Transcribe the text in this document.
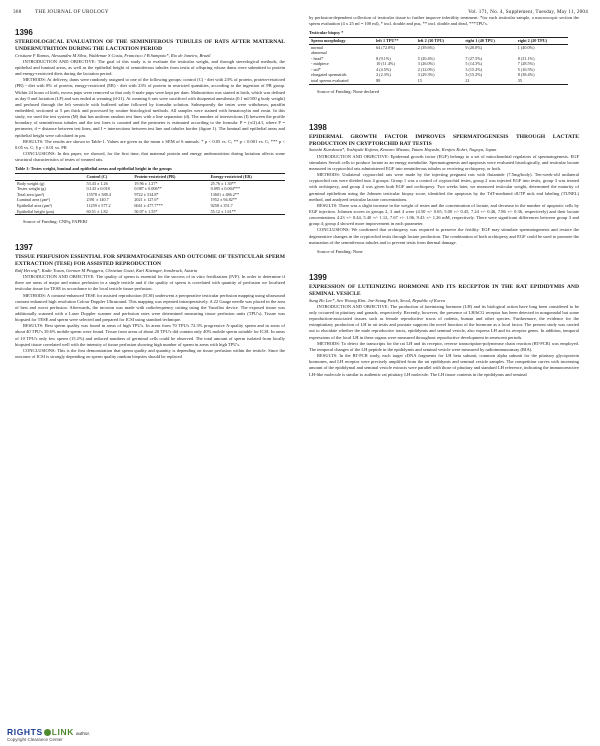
368	THE JOURNAL OF UROLOGY	Vol. 171, No. 4, Supplement, Tuesday, May 11, 2004

1396

STEREOLOGICAL EVALUATION OF THE SEMINIFEROUS TUBULES OF RATS AFTER MATERNAL UNDERNUTRITION DURING THE LACTATION PERIOD

Cristiane F Ramos, Alessandra M Silva, Waldemar S Costa, Francisco J B Sampaio*, Rio de Janeiro, Brazil

INTRODUCTION AND OBJECTIVE: The goal of this study is to evaluate the testicular weight, and through stereological methods, the epithelial and luminal areas, as well as the epithelial height of seminiferous tubules from testis of offspring whose dams were submitted to protein and energy-restricted diets during the lactation period.

METHODS: At delivery, dams were randomly assigned to one of the following groups: control (C) - diet with 23% of protein, protein-restricted (PR) - diet with 8% of protein; energy-restricted (ER) - diet with 23% of protein in restricted quantities, according to the ingestion of PR group. Within 24 hours of birth, excess pups were removed so that only 6 male pups were kept per dam. Malnutrition was started at birth, which was defined as day 0 and lactation (LP) and was ended at weaning (d-21). At weaning 6 rats were sacrificed with thiopental anesthesia (0.1 ml/100 g body weight) and perfused through the left ventricle with buffered saline followed by formalin solution. Subsequently the testes were withdrawn, paraffin embedded, sectioned at 5 μm thick and processed by routine histological methods. All samples were stained with hematoxylin and eosin. In this study, we used the test system (M) that has uniform random test lines with a line separation (d). The number of intersections (I) between the profile boundary of seminiferous tubules and the test lines is counted and the perimeter is estimated according to the formula: P = (π/2).d.I, where P = perimeter, d = distance between test lines, and I = intersections between test line and tubules border (figure 1). The luminal and epithelial areas and epithelial height were calculated in μm.

RESULTS: The results are shown in Table-1. Values are given as the mean ± SEM of 6 animals. * p < 0.05 vs. C; ** p < 0.001 vs. C; *** p < 0.05 vs. C; § p < 0.01 vs. PR

CONCLUSIONS: In this paper, we showed, for the first time, that maternal protein and energy undernutrition during lactation affects some structural characteristics of testes of weaned rats.

Table 1: Testes weight, luminal and epithelial areas and epithelial height in the groups
	Control (C)	Protein-restricted (PR)	Energy-restricted (ER)
Body weight (g)	53.43 ± 1.26	19.96 ± 1.27*	25.76 ± 1.30**
Testes weight (g)	0.143 ± 0.018	0.087 ± 0.006**	0.095 ± 0.004***
Total area (μm²)	15578 ± 588.4	9722 ± 534.8*	13601 ± 486.2**
Luminal area (μm²)	2391 ± 140.7	2021 ± 127.6*	1952 ± 94.82**
Epithelial area (μm²)	11259 ± 577.2	6041 ± 477.7***	9258 ± 351.7
Epithelial height (μm)	60.51 ± 1.82	50.07 ± 1.55*	55.12 ± 1.61**

Source of Funding: CNPq, FAPERJ

1397

TISSUE PERFUSION ESSENTIAL FOR SPERMATOGENESIS AND OUTCOME OF TESTICULAR SPERM EXTRACTION (TESE) FOR ASSISTED REPRODUCTION

Ralf Herwig*, Kadir Tosun, Germar M Pinggera, Christian Gozzi, Karl Kitzinger, Innsbruck, Austria

INTRODUCTION AND OBJECTIVE: The quality of sperm is essential for the success of in vitro fertilization (IVF). In order to determine if there are areas of major and minor perfusion in a single testicle and if the quality of sperm is correlated with quantity of perfusion we localized testicular tissue for TESE in accordance to the local testicle tissue perfusion.

METHODS: A contrast-enhanced TESE for assisted reproduction (ICSI) underwent a preoperative testicular perfusion mapping using ultrasound contrast enhanced high resolution Colour Doppler Ultrasound. This mapping was repeated intraoperatively. A 22 Gauge needle was placed in the area of best and worst perfusion. Afterwards, the incision was made with radiofrequency cutting using the Vasoflux device. The exposed tissue was additionally scanned with a Laser Doppler scanner and perfusion rates were determined measuring tissue perfusion units (TPU's). Tissue was biopsied for TESE and sperm were selected and prepared for ICSI using standard technique.

RESULTS: Best sperm quality was found in areas of high TPU's. In areas from 70 TPU's 72.3% progressive A-quality sperm and in areas of about 40 TPU's 39.6% mobile sperm were found. Tissue from areas of about 20 TPU's did contain only 40% mobile sperm suitable for ICSI. In areas of 10 TPU's only few sperm (15.2%) and reduced numbers of germinal cells could be observed. The total amount of sperm isolated from locally biopsied tissue correlated well with the intensity of tissue perfusion showing high number of sperm in areas with high TPU's.

CONCLUSIONS: This is the first demonstration that sperm quality and quantity is depending on tissue perfusion within the testicle. Since the outcome of ICSI is strongly depending on sperm quality random biopsies should be replaced

by perfusion-dependent collection of testicular tissue to further improve infertility treatment. *for each testicular sample, a macroscopic section the sperm evaluation (4 x 25 ml = 100 ml), * incl. double and pus, ** incl. double and dead, ***TPU's.

Testicular biopsy *
Sperm morphology	left 1 TPU**	left 2 (30 TPU)	right 1 (40 TPU)	right 2 (20 TPU)
normal	64 (72.0%)	2 (39.6%)	9 (20.0%)	1 (40.0%)
abnormal				
- head*	8 (9.1%)	5 (20.4%)	7 (27.5%)	8 (31.1%)
- midpiece	10 (11.4%)	3 (26.0%)	5 (14.3%)	7 (28.5%)
- tail*	4 (4.5%)	2 (12.0%)	3 (15.2%)	5 (16.5%)
elongated spermatids	2 (2.3%)	3 (29.3%)	3 (15.2%)	8 (38.4%)
total sperms evaluated	88	15	21	35

Source of Funding: None declared

1398

EPIDERMAL GROWTH FACTOR IMPROVES SPERMATOGENESIS THROUGH LACTATE PRODUCTION IN CRYPTORCHID RAT TESTIS

Satoshi Kurokawa*, Yoshiyuki Kojima, Kentaro Mizuno, Yutaro Hayashi, Kenjiro Kohri, Nagoya, Japan

INTRODUCTION AND OBJECTIVE: Epidermal growth factor (EGF) belongs to a set of mitochondrial regulators of spermatogenesis. EGF stimulates Sertoli cells to produce lactate as an energy metabolite. Spermatogenesis and apoptosis were evaluated histologically, and testicular lactate measured in cryptorchid rats administered EGF into seminiferous tubules or receiving orchiopexy, or both.

METHODS: Unilateral cryptorchid rats were made by the injecting pregnant rats with flutamide (7.5mg/body). Ten-week-old unilateral cryptorchid rats were divided into 4 groups: Group 1 was a control of cryptorchid testes, group 2 was injected EGF into testis, group 3 was treated with orchiopexy, and group 4 was given both EGF and orchiopexy. Two weeks later, we measured testicular weight, determined the maturity of germinal epithelium using the Johnsen testicular biopsy score, identified the apoptosis by the TdT-mediated dUTP nick end labeling (TUNEL) method, and analyzed testicular lactate concentrations.

RESULTS: There was a slight increase in the weight of testes and the concentration of lactate, and decrease in the number of apoptotic cells by EGF injection. Johnsen scores in groups 2, 3 and 4 were (4.50 +/- 0.65, 5.00 +/- 0.45, 7.24 +/- 0.46, 7.86 +/- 0.36, respectively) and their lactate concentrations 4.23 +/- 0.44, 5.40 +/- 1.12, 7.67 +/- 1.06, 9.43 +/- 1.26 mM, respectively. There were significant differences between group 3 and group 4; group 4 showed more improvement in each parameter.

CONCLUSIONS: We confirmed that orchiopexy was required to preserve the fertility. EGF may stimulate spermatogenesis and restore the degenerative changes in the cryptorchid testis through lactate production. The combination of both orchiopexy and EGF could be used to promote the maturation of the seminiferous tubules and to prevent testis from thermal damage.

Source of Funding: None

1399

EXPRESSION OF LUTEINIZING HORMONE AND ITS RECEPTOR IN THE RAT EPIDIDYMIS AND SEMINAL VESICLE

Sung Ho Lee*, Seo Woong Kim, Jae-Seung Paick, Seoul, Republic of Korea

INTRODUCTION AND OBJECTIVE: The production of luteinizing hormone (LH) and its biological action have long been considered to be only occurred in pituitary and gonads, respectively. Recently, however, the presence of LH/hCG receptor has been detected in nongonadal but some reproduction-associated tissues such as female reproductive tracts of rodents, human and other species. Furthermore, the evidence for the extrapituitary production of LH in rat testis and prostate supports the novel function of the hormone as a local factor. The present study was carried out to elucidate whether the male reproductive tracts, epididymis and seminal vesicle, also express LH and its receptor genes. In addition, temporal expressions of the local LH in these organs were measured throughout reproductive development in senescent periods.

METHODS: To detect the transcripts for the rat LH and its receptor, reverse transcription-polymerase chain reaction (RT-PCR) was employed. The temporal changes of the LH peptide in the epididymis and seminal vesicle were measured by radioimmunoassay (RIA).

RESULTS: In the RT-PCR study, each target cDNA fragments for LH beta subunit, common alpha subunit for the pituitary glycoprotein hormones, and LH receptor were precisely amplified from the rat epididymis and seminal vesicle samples. The competition curves with increasing amount of the epididymal and seminal vesicle extracts were parallel with those of pituitary and standard LH reference, indicating the immunoreactive LH-like molecule is similar to authentic rat pituitary LH molecule. The LH tissue contents in the epididymis and seminal

RIGHTS LINK author.
Copyright Clearance Center
